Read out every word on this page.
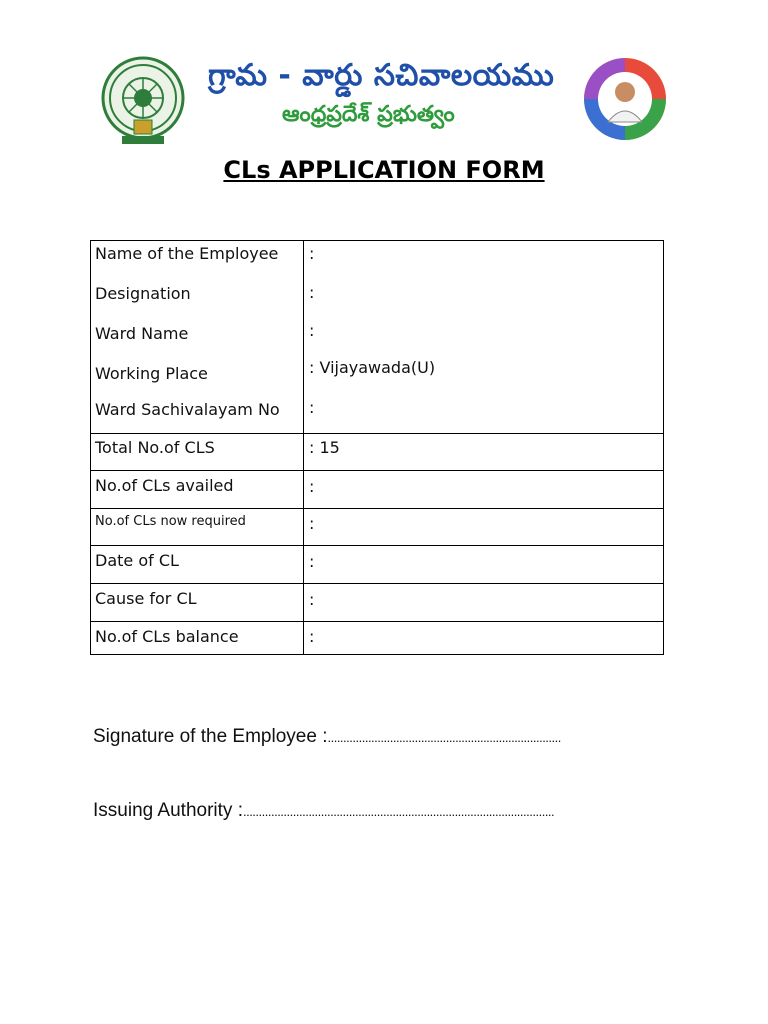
గ్రామ - వార్డు సచివాలయము
ఆంధ్రప్రదేశ్ ప్రభుత్వం
CLs APPLICATION FORM
Name of the Employee :
Designation	:
Ward Name	:
Working Place	: Vijayawada(U)
Ward Sachivalayam No :
Total No.of CLS	: 15
No.of CLs availed	:
No.of CLs now required	:
Date of CL	:
Cause for CL	:
No.of CLs balance	:
Signature of the Employee :...........................................................................
Issuing Authority :....................................................................................................
